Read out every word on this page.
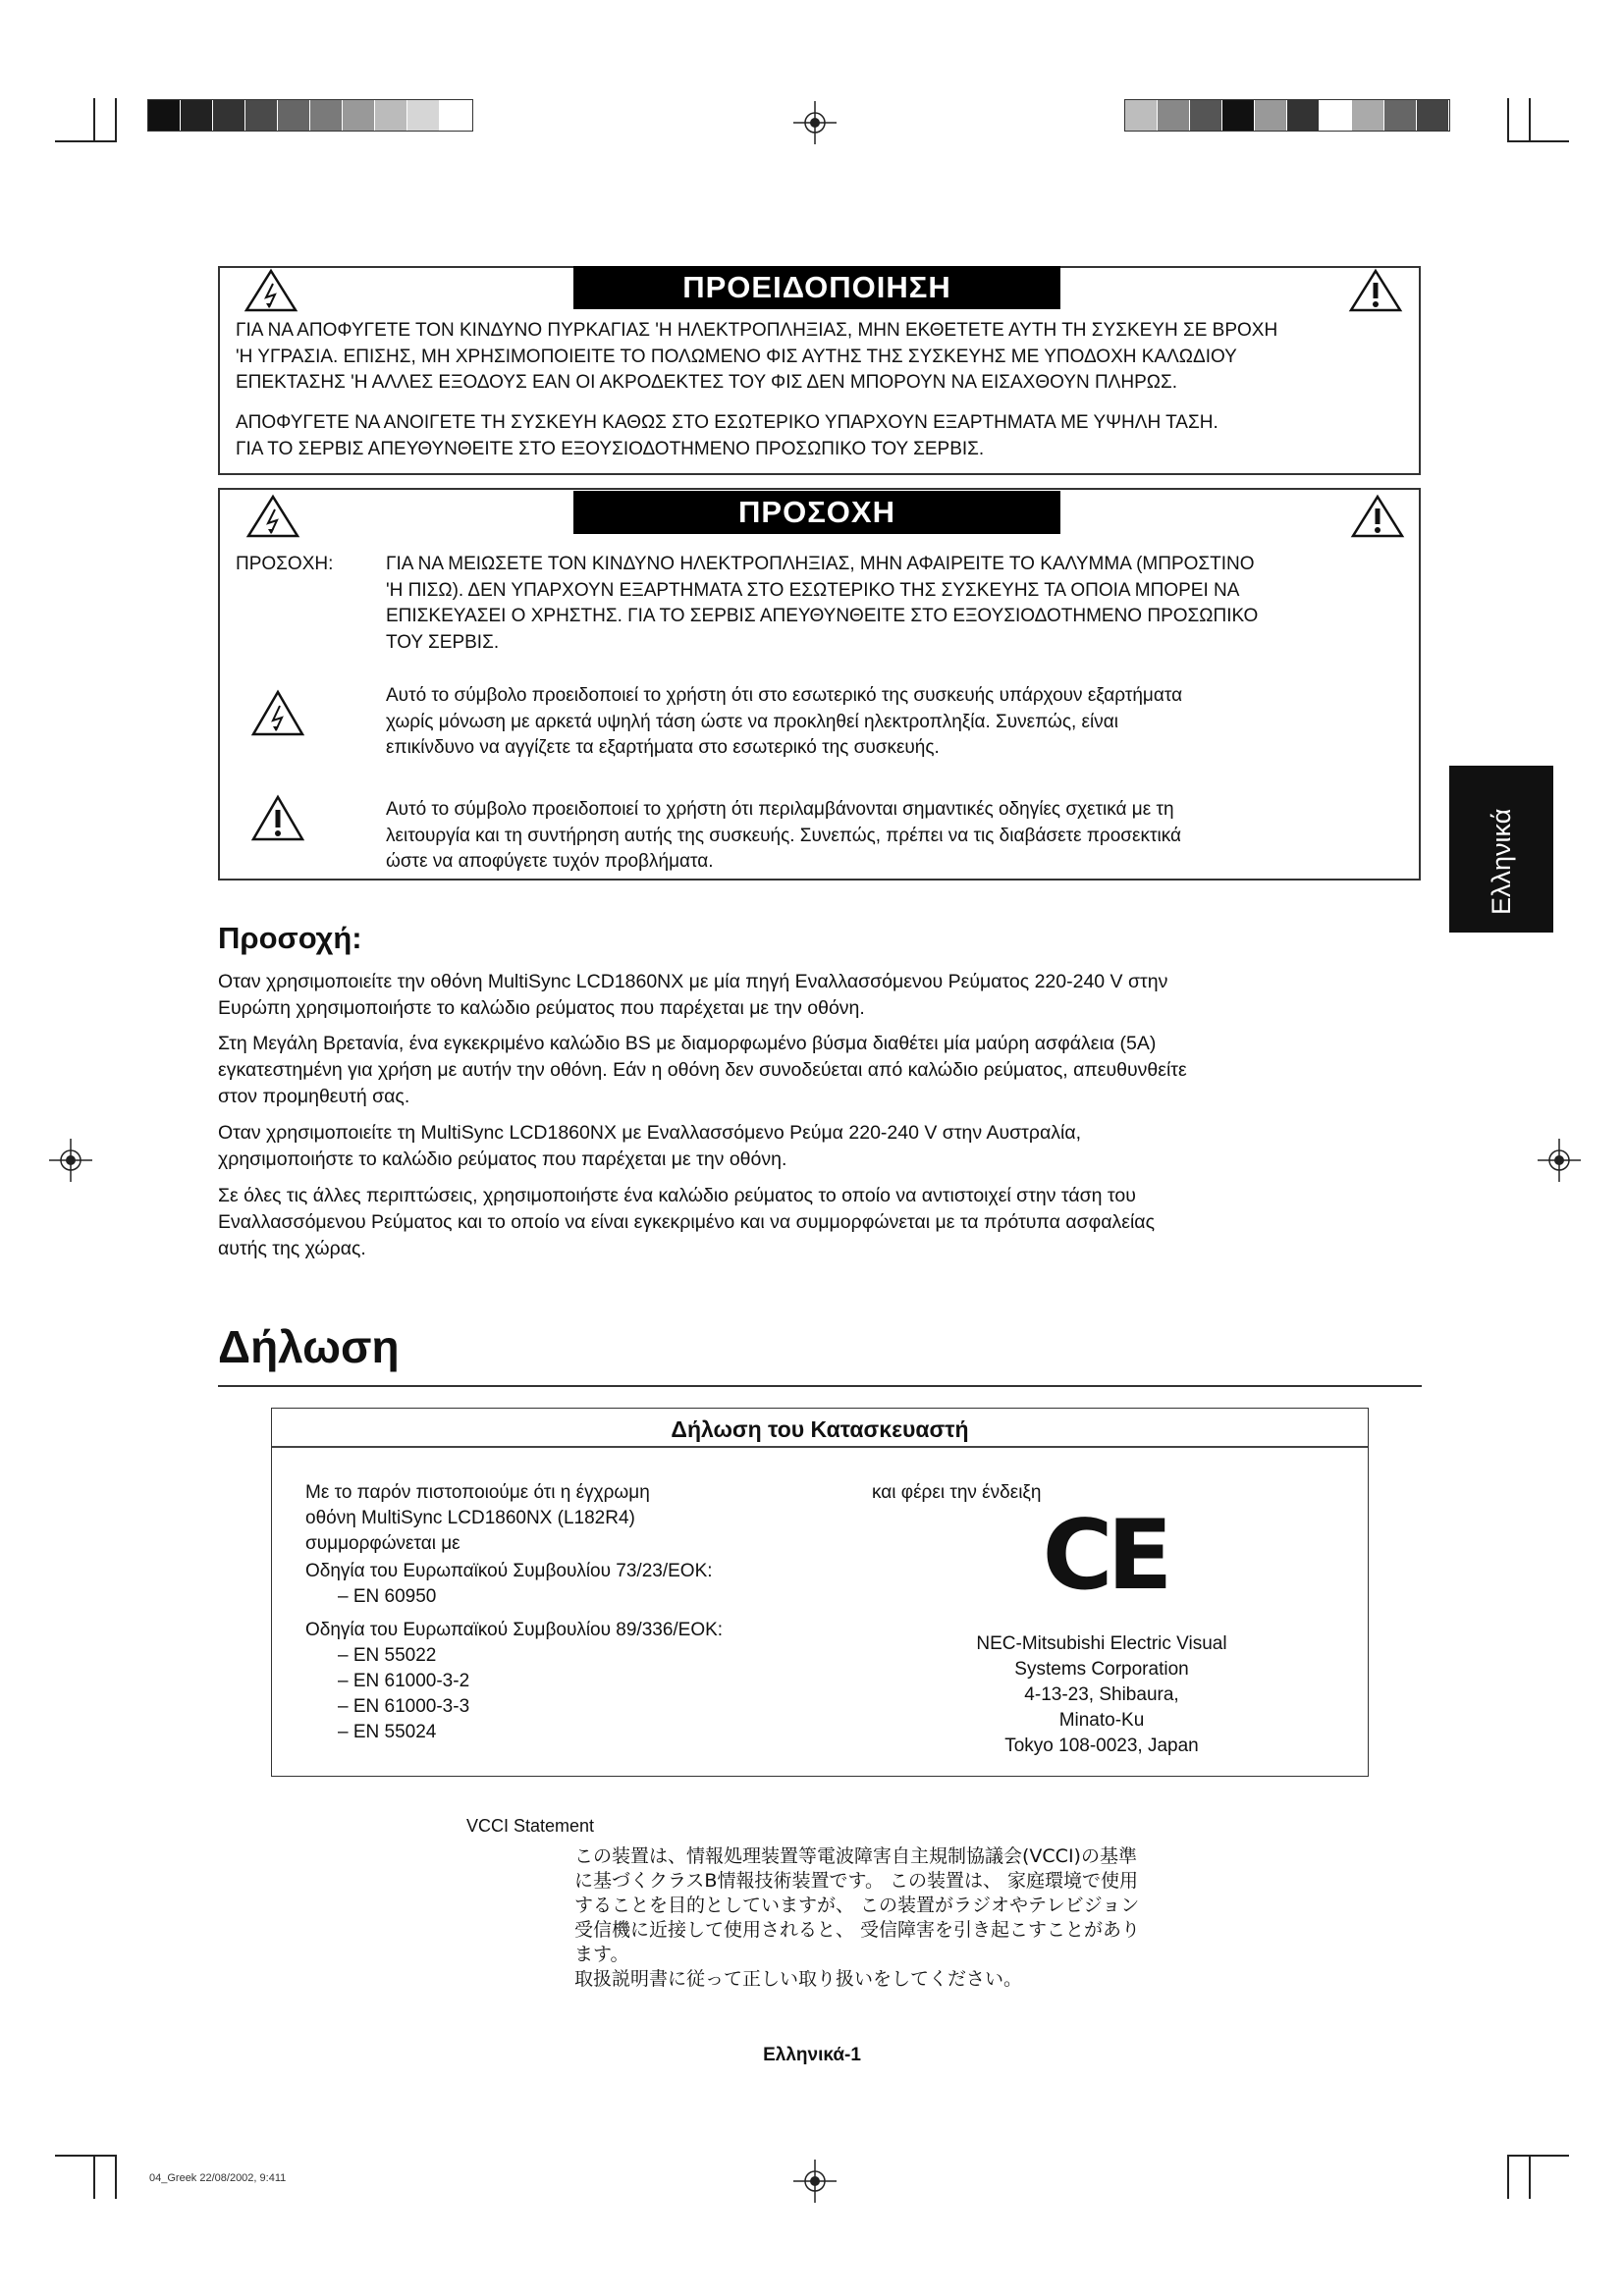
ΠΡΟΕΙΔΟΠΟΙΗΣΗ
ΓΙΑ ΝΑ ΑΠΟΦΥΓΕΤΕ ΤΟΝ ΚΙΝΔΥΝΟ ΠΥΡΚΑΓΙΑΣ 'Η ΗΛΕΚΤΡΟΠΛΗΞΙΑΣ, ΜΗΝ ΕΚΘΕΤΕΤΕ ΑΥΤΗ ΤΗ ΣΥΣΚΕΥΗ ΣΕ ΒΡΟΧΗ
'Η ΥΓΡΑΣΙΑ. ΕΠΙΣΗΣ, ΜΗ ΧΡΗΣΙΜΟΠΟΙΕΙΤΕ ΤΟ ΠΟΛΩΜΕΝΟ ΦΙΣ ΑΥΤΗΣ ΤΗΣ ΣΥΣΚΕΥΗΣ ΜΕ ΥΠΟΔΟΧΗ ΚΑΛΩΔΙΟΥ
ΕΠΕΚΤΑΣΗΣ 'Η ΑΛΛΕΣ ΕΞΟΔΟΥΣ ΕΑΝ ΟΙ ΑΚΡΟΔΕΚΤΕΣ ΤΟΥ ΦΙΣ ΔΕΝ ΜΠΟΡΟΥΝ ΝΑ ΕΙΣΑΧΘΟΥΝ ΠΛΗΡΩΣ.
ΑΠΟΦΥΓΕΤΕ ΝΑ ΑΝΟΙΓΕΤΕ ΤΗ ΣΥΣΚΕΥΗ ΚΑΘΩΣ ΣΤΟ ΕΣΩΤΕΡΙΚΟ ΥΠΑΡΧΟΥΝ ΕΞΑΡΤΗΜΑΤΑ ΜΕ ΥΨΗΛΗ ΤΑΣΗ.
ΓΙΑ ΤΟ ΣΕΡΒΙΣ ΑΠΕΥΘΥΝΘΕΙΤΕ ΣΤΟ ΕΞΟΥΣΙΟΔΟΤΗΜΕΝΟ ΠΡΟΣΩΠΙΚΟ ΤΟΥ ΣΕΡΒΙΣ.
ΠΡΟΣΟΧΗ
ΠΡΟΣΟΧΗ:	ΓΙΑ ΝΑ ΜΕΙΩΣΕΤΕ ΤΟΝ ΚΙΝΔΥΝΟ ΗΛΕΚΤΡΟΠΛΗΞΙΑΣ, ΜΗΝ ΑΦΑΙΡΕΙΤΕ ΤΟ ΚΑΛΥΜΜΑ (ΜΠΡΟΣΤΙΝΟ
'Η ΠΙΣΩ). ΔΕΝ ΥΠΑΡΧΟΥΝ ΕΞΑΡΤΗΜΑΤΑ ΣΤΟ ΕΣΩΤΕΡΙΚΟ ΤΗΣ ΣΥΣΚΕΥΗΣ ΤΑ ΟΠΟΙΑ ΜΠΟΡΕΙ ΝΑ
ΕΠΙΣΚΕΥΑΣΕΙ Ο ΧΡΗΣΤΗΣ. ΓΙΑ ΤΟ ΣΕΡΒΙΣ ΑΠΕΥΘΥΝΘΕΙΤΕ ΣΤΟ ΕΞΟΥΣΙΟΔΟΤΗΜΕΝΟ ΠΡΟΣΩΠΙΚΟ
ΤΟΥ ΣΕΡΒΙΣ.
Αυτό το σύμβολο προειδοποιεί το χρήστη ότι στο εσωτερικό της συσκευής υπάρχουν εξαρτήματα
χωρίς μόνωση με αρκετά υψηλή τάση ώστε να προκληθεί ηλεκτροπληξία. Συνεπώς, είναι
επικίνδυνο να αγγίζετε τα εξαρτήματα στο εσωτερικό της συσκευής.
Αυτό το σύμβολο προειδοποιεί το χρήστη ότι περιλαμβάνονται σημαντικές οδηγίες σχετικά με τη
λειτουργία και τη συντήρηση αυτής της συσκευής. Συνεπώς, πρέπει να τις διαβάσετε προσεκτικά
ώστε να αποφύγετε τυχόν προβλήματα.	Ελληνικά
Προσοχή:
Οταν χρησιμοποιείτε την οθόνη MultiSync LCD1860NX με μία πηγή Εναλλασσόμενου Ρεύματος 220-240 V στην
Ευρώπη χρησιμοποιήστε το καλώδιο ρεύματος που παρέχεται με την οθόνη.
Στη Μεγάλη Βρετανία, ένα εγκεκριμένο καλώδιο BS με διαμορφωμένο βύσμα διαθέτει μία μαύρη ασφάλεια (5A)
εγκατεστημένη για χρήση με αυτήν την οθόνη. Εάν η οθόνη δεν συνοδεύεται από καλώδιο ρεύματος, απευθυνθείτε
στον προμηθευτή σας.
Οταν χρησιμοποιείτε τη MultiSync LCD1860NX με Εναλλασσόμενο Ρεύμα 220-240 V στην Αυστραλία,
χρησιμοποιήστε το καλώδιο ρεύματος που παρέχεται με την οθόνη.
Σε όλες τις άλλες περιπτώσεις, χρησιμοποιήστε ένα καλώδιο ρεύματος το οποίο να αντιστοιχεί στην τάση του
Εναλλασσόμενου Ρεύματος και το οποίο να είναι εγκεκριμένο και να συμμορφώνεται με τα πρότυπα ασφαλείας
αυτής της χώρας.
Δήλωση
Δήλωση του Κατασκευαστή
Με το παρόν πιστοποιούμε ότι η έγχρωμη
οθόνη MultiSync LCD1860NX (L182R4)
συμμορφώνεται με
Οδηγία του Ευρωπαϊκού Συμβουλίου 73/23/EOK:
– EN 60950
Οδηγία του Ευρωπαϊκού Συμβουλίου 89/336/EOK:
– EN 55022
– EN 61000-3-2
– EN 61000-3-3
– EN 55024
και φέρει την ένδειξη
CE
NEC-Mitsubishi Electric Visual
Systems Corporation
4-13-23, Shibaura,
Minato-Ku
Tokyo 108-0023, Japan
VCCI Statement
この装置は、情報処理装置等電波障害自主規制協議会(VCCI)の基準
に基づくクラスB情報技術装置です。 この装置は、 家庭環境で使用
することを目的としていますが、 この装置がラジオやテレビジョン
受信機に近接して使用されると、 受信障害を引き起こすことがあり
ます。
取扱説明書に従って正しい取り扱いをしてください。
Ελληνικά-1
04_Greek 22/08/2002, 9:411
